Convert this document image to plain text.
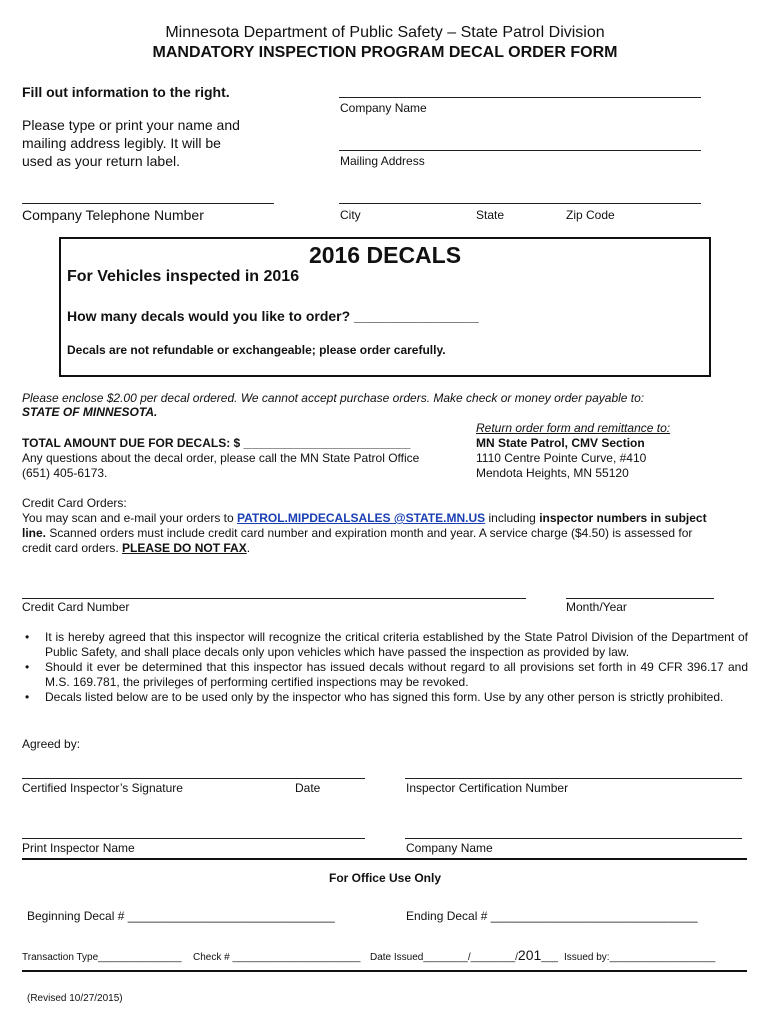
Minnesota Department of Public Safety – State Patrol Division
MANDATORY INSPECTION PROGRAM DECAL ORDER FORM
Fill out information to the right.
Please type or print your name and
mailing address legibly. It will be
used as your return label.
Company Telephone Number
Company Name
Mailing Address
City	State	Zip Code
2016 DECALS
For Vehicles inspected in 2016
How many decals would you like to order? ________________
Decals are not refundable or exchangeable; please order carefully.
Please enclose $2.00 per decal ordered. We cannot accept purchase orders. Make check or money order payable to:
STATE OF MINNESOTA.
TOTAL AMOUNT DUE FOR DECALS: $ _________________________
Any questions about the decal order, please call the MN State Patrol Office
(651) 405-6173.
Return order form and remittance to:
MN State Patrol, CMV Section
1110 Centre Pointe Curve, #410
Mendota Heights, MN 55120
Credit Card Orders:
You may scan and e-mail your orders to PATROL.MIPDECALSALES @STATE.MN.US including inspector numbers in subject
line. Scanned orders must include credit card number and expiration month and year. A service charge ($4.50) is assessed for
credit card orders. PLEASE DO NOT FAX.
Credit Card Number	Month/Year
• It is hereby agreed that this inspector will recognize the critical criteria established by the State Patrol Division of the Department of Public Safety, and shall place decals only upon vehicles which have passed the inspection as provided by law.
• Should it ever be determined that this inspector has issued decals without regard to all provisions set forth in 49 CFR 396.17 and M.S. 169.781, the privileges of performing certified inspections may be revoked.
• Decals listed below are to be used only by the inspector who has signed this form. Use by any other person is strictly prohibited.
Agreed by:
Certified Inspector’s Signature	Date	Inspector Certification Number
Print Inspector Name	Company Name
For Office Use Only
Beginning Decal # _______________________________	Ending Decal # _______________________________
Transaction Type_______________ Check # _______________________ Date Issued________/________/201___ Issued by:___________________
(Revised 10/27/2015)
